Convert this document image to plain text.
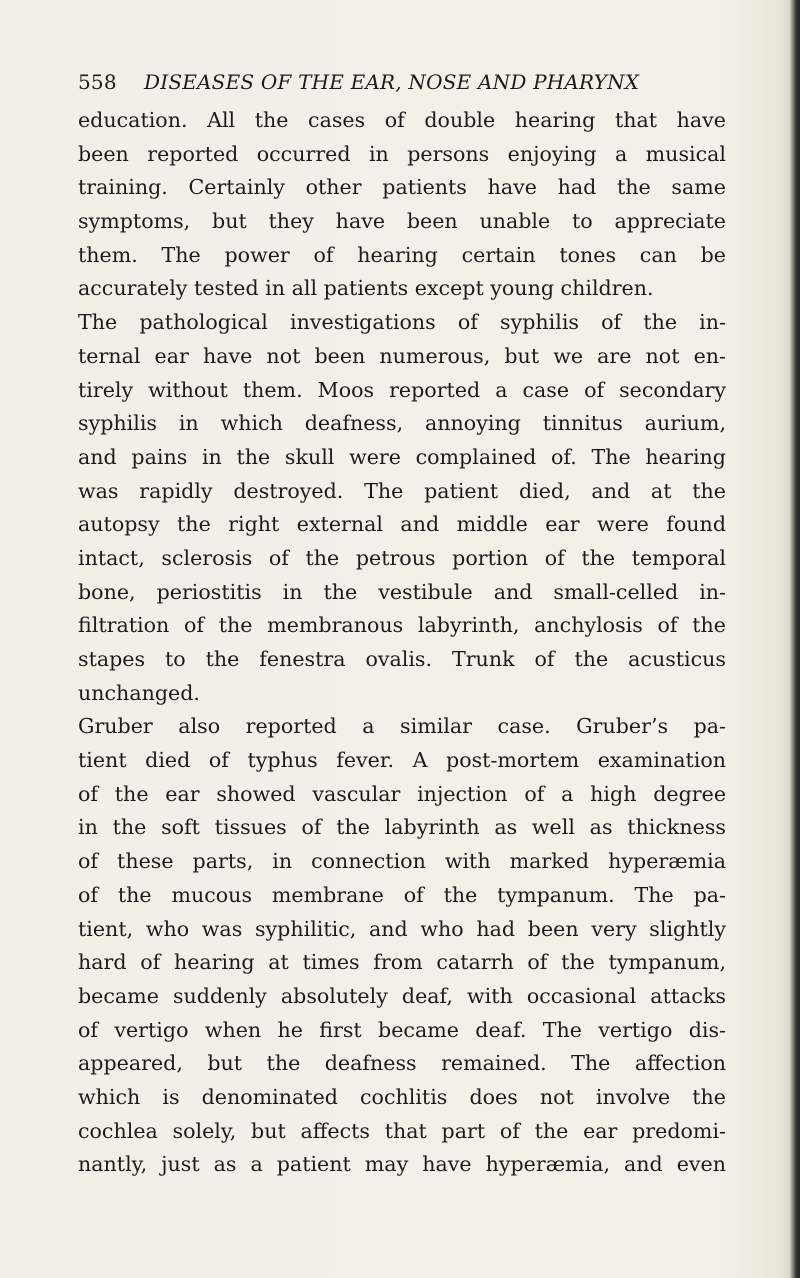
558 DISEASES OF THE EAR, NOSE AND PHARYNX
education. All the cases of double hearing that have
been reported occurred in persons enjoying a musical
training. Certainly other patients have had the same
symptoms, but they have been unable to appreciate
them. The power of hearing certain tones can be
accurately tested in all patients except young children.
The pathological investigations of syphilis of the in-
ternal ear have not been numerous, but we are not en-
tirely without them. Moos reported a case of secondary
syphilis in which deafness, annoying tinnitus aurium,
and pains in the skull were complained of. The hearing
was rapidly destroyed. The patient died, and at the
autopsy the right external and middle ear were found
intact, sclerosis of the petrous portion of the temporal
bone, periostitis in the vestibule and small-celled in-
filtration of the membranous labyrinth, anchylosis of the
stapes to the fenestra ovalis. Trunk of the acusticus
unchanged.
Gruber also reported a similar case. Gruber’s pa-
tient died of typhus fever. A post-mortem examination
of the ear showed vascular injection of a high degree
in the soft tissues of the labyrinth as well as thickness
of these parts, in connection with marked hyperæmia
of the mucous membrane of the tympanum. The pa-
tient, who was syphilitic, and who had been very slightly
hard of hearing at times from catarrh of the tympanum,
became suddenly absolutely deaf, with occasional attacks
of vertigo when he first became deaf. The vertigo dis-
appeared, but the deafness remained. The affection
which is denominated cochlitis does not involve the
cochlea solely, but affects that part of the ear predomi-
nantly, just as a patient may have hyperæmia, and even
